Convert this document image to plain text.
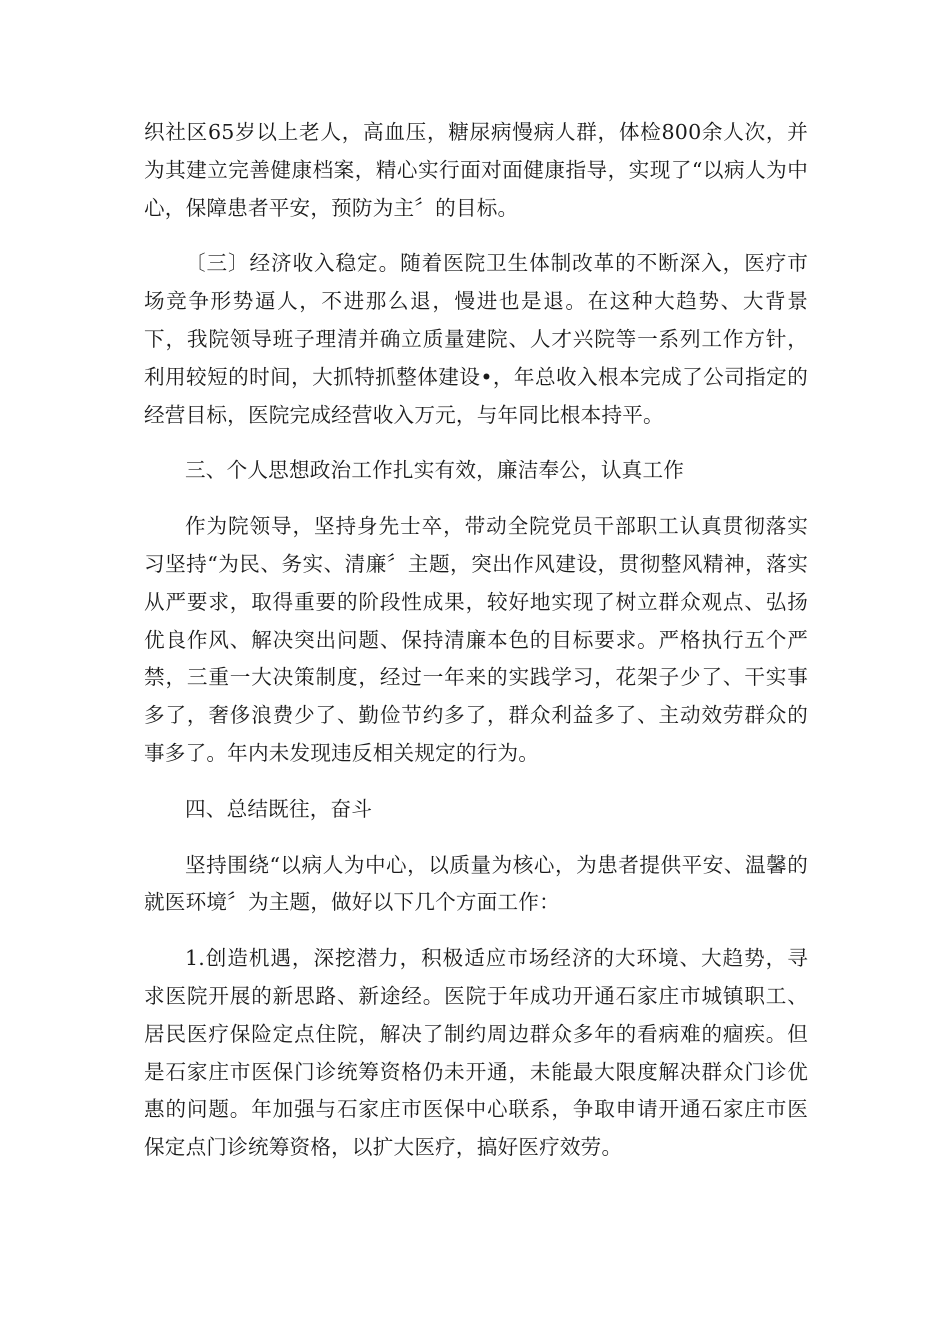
织社区65岁以上老人，高血压，糖尿病慢病人群，体检800余人次，并为其建立完善健康档案，精心实行面对面健康指导，实现了“以病人为中心，保障患者平安，预防为主〞的目标。

〔三〕经济收入稳定。随着医院卫生体制改革的不断深入，医疗市场竞争形势逼人，不进那么退，慢进也是退。在这种大趋势、大背景下，我院领导班子理清并确立质量建院、人才兴院等一系列工作方针，利用较短的时间，大抓特抓整体建设•，年总收入根本完成了公司指定的经营目标，医院完成经营收入万元，与年同比根本持平。

三、个人思想政治工作扎实有效，廉洁奉公，认真工作

作为院领导，坚持身先士卒，带动全院党员干部职工认真贯彻落实习坚持“为民、务实、清廉〞主题，突出作风建设，贯彻整风精神，落实从严要求，取得重要的阶段性成果，较好地实现了树立群众观点、弘扬优良作风、解决突出问题、保持清廉本色的目标要求。严格执行五个严禁，三重一大决策制度，经过一年来的实践学习，花架子少了、干实事多了，奢侈浪费少了、勤俭节约多了，群众利益多了、主动效劳群众的事多了。年内未发现违反相关规定的行为。

四、总结既往，奋斗

坚持围绕“以病人为中心，以质量为核心，为患者提供平安、温馨的就医环境〞为主题，做好以下几个方面工作：

1.创造机遇，深挖潜力，积极适应市场经济的大环境、大趋势，寻求医院开展的新思路、新途经。医院于年成功开通石家庄市城镇职工、居民医疗保险定点住院，解决了制约周边群众多年的看病难的痼疾。但是石家庄市医保门诊统筹资格仍未开通，未能最大限度解决群众门诊优惠的问题。年加强与石家庄市医保中心联系，争取申请开通石家庄市医保定点门诊统筹资格，以扩大医疗，搞好医疗效劳。
